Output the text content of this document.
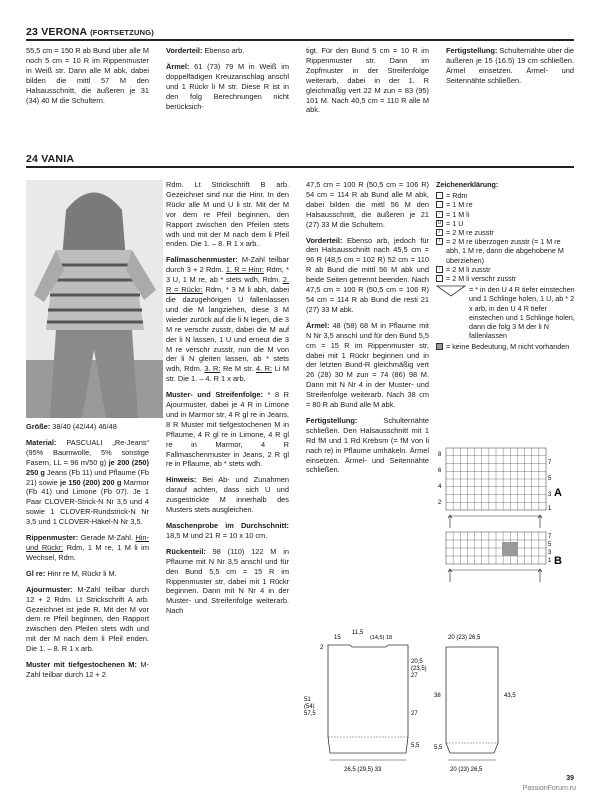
23 VERONA (FORTSETZUNG)

55,5 cm = 150 R ab Bund über alle M noch 5 cm = 10 R im Rippenmuster in Weiß str. Dann alle M abk, dabei bilden die mittl 57 M den Halsausschnitt, die äußeren je 31 (34) 40 M die Schultern.

Vorderteil: Ebenso arb.

Ärmel: 61 (73) 79 M in Weiß im doppelfädigen Kreuzanschlag anschl und 1 Rückr li M str. Diese R ist in den folg Berechnungen nicht berücksich-

tigt. Für den Bund 5 cm = 10 R im Rippenmuster str. Dann im Zopfmuster in der Streifenfolge weiterarb, dabei in der 1. R gleichmäßig vert 22 M zun = 83 (95) 101 M. Nach 40,5 cm = 110 R alle M abk.

Fertigstellung: Schulternähte über die äußeren je 15 (16.5) 19 cm schließen. Ärmel einsetzen. Ärmel- und Seitennähte schließen.

24 VANIA

Größe: 38/40 (42/44) 46/48

Material: PASCUALI „Re-Jeans“ (95% Baumwolle, 5% sonstige Fasern, LL = 96 m/50 g) je 200 (250) 250 g Jeans (Fb 11) und Pflaume (Fb 21) sowie je 150 (200) 200 g Marmor (Fb 41) und Limone (Fb 07). Je 1 Paar CLOVER-Strick-N Nr 3,5 und 4 sowie 1 CLOVER-Rundstrick-N Nr 3,5 und 1 CLOVER-Häkel-N Nr 3,5.

Rippenmuster: Gerade M-Zahl. Hin- und Rückr: Rdm, 1 M re, 1 M li im Wechsel, Rdm.

Gl re: Hinr re M, Rückr li M.

Ajourmuster: M-Zahl teilbar durch 12 + 2 Rdm. Lt Strickschrift A arb. Gezeichnet ist jede R. Mit der M vor dem re Pfeil beginnen, den Rapport zwischen den Pfeilen stets wdh und mit der M nach dem li Pfeil enden. Die 1. – 8. R 1 x arb.

Muster mit tiefgestochenen M: M-Zahl teilbar durch 12 + 2

Rdm. Lt Strickschrift B arb. Gezeichnet sind nur die Hinr. In den Rückr alle M und U li str. Mit der M vor dem re Pfeil beginnen, den Rapport zwischen den Pfeilen stets wdh und mit der M nach dem li Pfeil enden. Die 1. – 8. R 1 x arb.

Fallmaschenmuster: M-Zahl teilbar durch 3 + 2 Rdm. 1. R = Hinr: Rdm, * 3 U, 1 M re, ab * stets wdh, Rdm. 2. R = Rückr: Rdm, * 3 M li abh, dabei die dazugehörigen U fallenlassen und die M langziehen, diese 3 M wieder zurück auf die li N legen, die 3 M re verschr zusstr, dabei die M auf der li N lassen, 1 U und erneut die 3 M re verschr zusstr, nun die M von der li N gleiten lassen, ab * stets wdh, Rdm. 3. R: Re M str. 4. R: Li M str. Die 1. – 4. R 1 x arb.

Muster- und Streifenfolge: * 8 R Ajourmuster, dabei je 4 R in Limone und in Marmor str, 4 R gl re in Jeans, 8 R Muster mit tiefgestochenen M in Pflaume, 4 R gl re in Limone, 4 R gl re in Marmor, 4 R Fallmaschenmuster in Jeans, 2 R gl re in Pflaume, ab * stets wdh.

Hinweis: Bei Ab- und Zunahmen darauf achten, dass sich U und zusgestrickte M innerhalb des Musters stets ausgleichen.

Maschenprobe im Durchschnitt: 18,5 M und 21 R = 10 x 10 cm.

Rückenteil: 98 (110) 122 M in Pflaume mit N Nr 3,5 anschl und für den Bund 5,5 cm = 15 R im Rippenmuster str, dabei mit 1 Rückr beginnen. Dann mit N Nr 4 in der Muster- und Streifenfolge weiterarb. Nach

47,5 cm = 100 R (50,5 cm = 106 R) 54 cm = 114 R ab Bund alle M abk, dabei bilden die mittl 56 M den Halsausschnitt, die äußeren je 21 (27) 33 M die Schultern.

Vorderteil: Ebenso arb, jedoch für den Halsausschnitt nach 45,5 cm = 96 R (48,5 cm = 102 R) 52 cm = 110 R ab Bund die mittl 56 M abk und beide Seiten getrennt beenden. Nach 47,5 cm = 100 R (50,5 cm = 106 R) 54 cm = 114 R ab Bund die resti 21 (27) 33 M abk.

Ärmel: 48 (58) 68 M in Pflaume mit N Nr 3,5 anschl und für den Bund 5,5 cm = 15 R im Rippenmuster str, dabei mit 1 Rückr beginnen und in der letzten Bund-R gleichmäßig vert 26 (28) 30 M zun = 74 (86) 98 M. Dann mit N Nr 4 in der Muster- und Streifenfolge weiterarb. Nach 38 cm = 80 R ab Bund alle M abk.

Fertigstellung:	Schulternähte schließen. Den Halsausschnitt mit 1 Rd fM und 1 Rd Krebsm (= fM von li nach re) in Pflaume umhäkeln. Ärmel einsetzen. Ärmel- und Seitennähte schließen.

Zeichenerklärung:
= Rdm
= 1 M re
- = 1 M li
U = 1 U
/ = 2 M re zusstr
\ = 2 M re überzogen zusstr (= 1 M re abh, 1 M re, dann die abgehobene M überziehen)
- = 2 M li zusstr
- = 2 M li verschr zusstr
= * in den U 4 R tiefer einstechen und 1 Schlinge holen, 1 U, ab * 2 x arb, in den U 4 R tiefer einstechen und 1 Schlinge holen, dann die folg 3 M der li N fallenlassen
= keine Bedeutung, M nicht vorhanden
A
8
6
4
2
7
5
3
1
B
7
5
3
1
11,5
(14,5) 18
15
2
20,5
(23,5)
27
27
51
(54)
57,5
5,5
26,5 (29,5) 33
20 (23) 26,5
38	43,5
5,5
20 (23) 26,5
39
PassionForum.ru
